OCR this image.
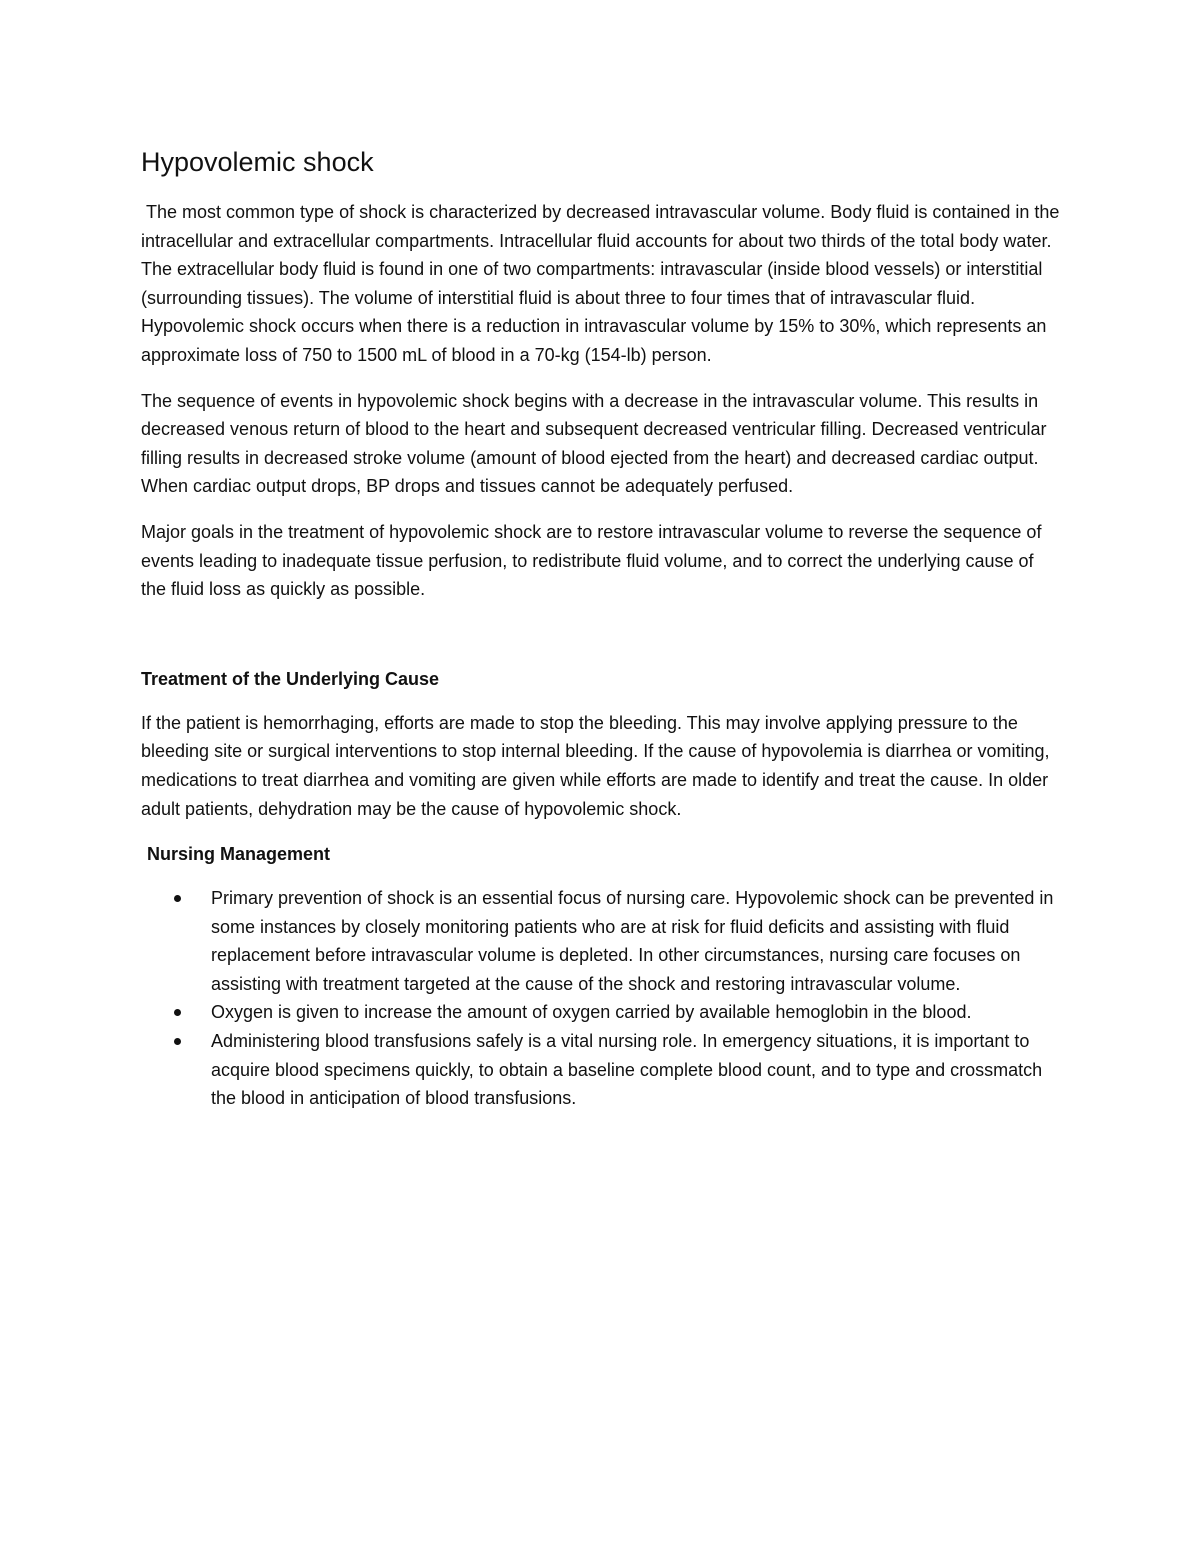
Hypovolemic shock

The most common type of shock is characterized by decreased intravascular volume. Body fluid is contained in the intracellular and extracellular compartments. Intracellular fluid accounts for about two thirds of the total body water. The extracellular body fluid is found in one of two compartments: intravascular (inside blood vessels) or interstitial (surrounding tissues). The volume of interstitial fluid is about three to four times that of intravascular fluid. Hypovolemic shock occurs when there is a reduction in intravascular volume by 15% to 30%, which represents an approximate loss of 750 to 1500 mL of blood in a 70-kg (154-lb) person.

The sequence of events in hypovolemic shock begins with a decrease in the intravascular volume. This results in decreased venous return of blood to the heart and subsequent decreased ventricular filling. Decreased ventricular filling results in decreased stroke volume (amount of blood ejected from the heart) and decreased cardiac output. When cardiac output drops, BP drops and tissues cannot be adequately perfused.

Major goals in the treatment of hypovolemic shock are to restore intravascular volume to reverse the sequence of events leading to inadequate tissue perfusion, to redistribute fluid volume, and to correct the underlying cause of the fluid loss as quickly as possible.

Treatment of the Underlying Cause

If the patient is hemorrhaging, efforts are made to stop the bleeding. This may involve applying pressure to the bleeding site or surgical interventions to stop internal bleeding. If the cause of hypovolemia is diarrhea or vomiting, medications to treat diarrhea and vomiting are given while efforts are made to identify and treat the cause. In older adult patients, dehydration may be the cause of hypovolemic shock.

Nursing Management
Primary prevention of shock is an essential focus of nursing care. Hypovolemic shock can be prevented in some instances by closely monitoring patients who are at risk for fluid deficits and assisting with fluid replacement before intravascular volume is depleted. In other circumstances, nursing care focuses on assisting with treatment targeted at the cause of the shock and restoring intravascular volume.
Oxygen is given to increase the amount of oxygen carried by available hemoglobin in the blood.
Administering blood transfusions safely is a vital nursing role. In emergency situations, it is important to acquire blood specimens quickly, to obtain a baseline complete blood count, and to type and crossmatch the blood in anticipation of blood transfusions.
